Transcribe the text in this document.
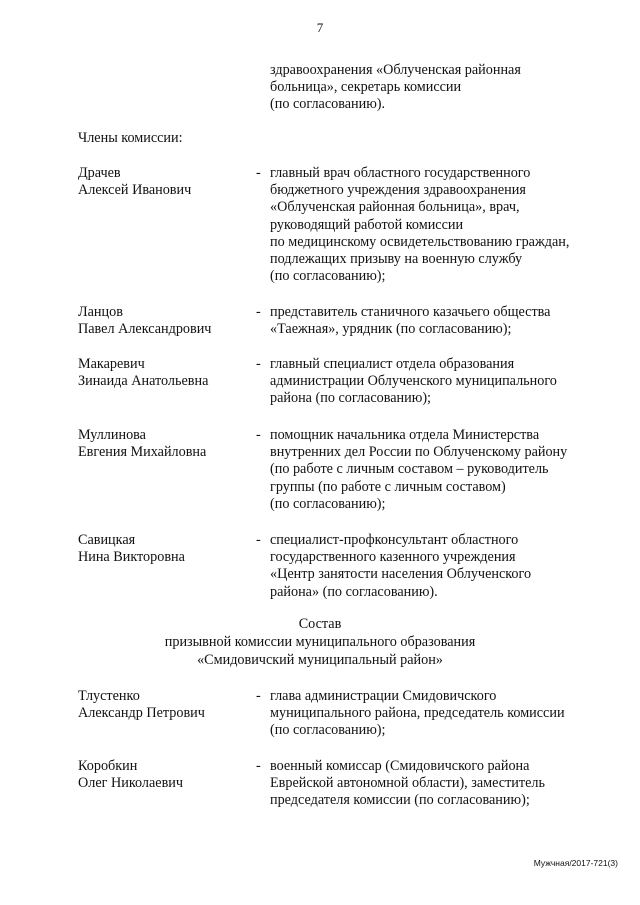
7
здравоохранения «Облученская районная
больница», секретарь комиссии
(по согласованию).
Члены комиссии:
Драчев
Алексей Иванович
- главный врач областного государственного
бюджетного учреждения здравоохранения
«Облученская районная больница», врач,
руководящий работой комиссии
по медицинскому освидетельствованию граждан,
подлежащих призыву на военную службу
(по согласованию);
Ланцов
Павел Александрович
- представитель станичного казачьего общества
«Таежная», урядник (по согласованию);
Макаревич
Зинаида Анатольевна
- главный специалист отдела образования
администрации Облученского муниципального
района (по согласованию);
Муллинова
Евгения Михайловна
- помощник начальника отдела Министерства
внутренних дел России по Облученскому району
(по работе с личным составом – руководитель
группы (по работе с личным составом)
(по согласованию);
Савицкая
Нина Викторовна
- специалист-профконсультант областного
государственного казенного учреждения
«Центр занятости населения Облученского
района» (по согласованию).
Состав
призывной комиссии муниципального образования
«Смидовичский муниципальный район»
Тлустенко
Александр Петрович
- глава администрации Смидовичского
муниципального района, председатель комиссии
(по согласованию);
Коробкин
Олег Николаевич
- военный комиссар (Смидовичского района
Еврейской автономной области), заместитель
председателя комиссии (по согласованию);
Мужчная/2017-721(3)
